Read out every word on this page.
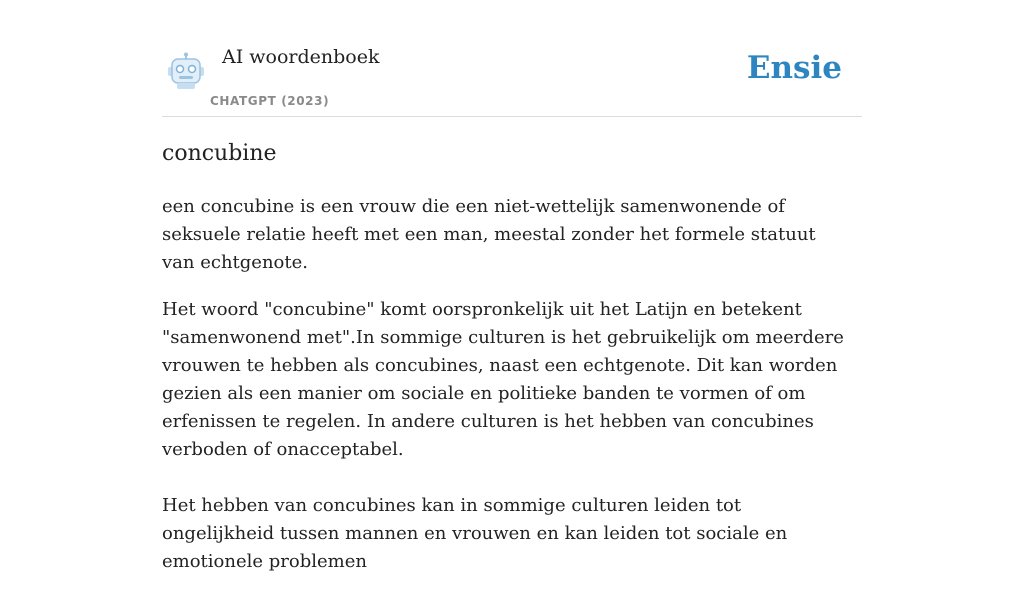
AI woordenboek
CHATGPT (2023)
Ensie
concubine

een concubine is een vrouw die een niet-wettelijk samenwonende of seksuele relatie heeft met een man, meestal zonder het formele statuut van echtgenote.

Het woord "concubine" komt oorspronkelijk uit het Latijn en betekent "samenwonend met".In sommige culturen is het gebruikelijk om meerdere vrouwen te hebben als concubines, naast een echtgenote. Dit kan worden gezien als een manier om sociale en politieke banden te vormen of om erfenissen te regelen. In andere culturen is het hebben van concubines verboden of onacceptabel.

Het hebben van concubines kan in sommige culturen leiden tot ongelijkheid tussen mannen en vrouwen en kan leiden tot sociale en emotionele problemen
